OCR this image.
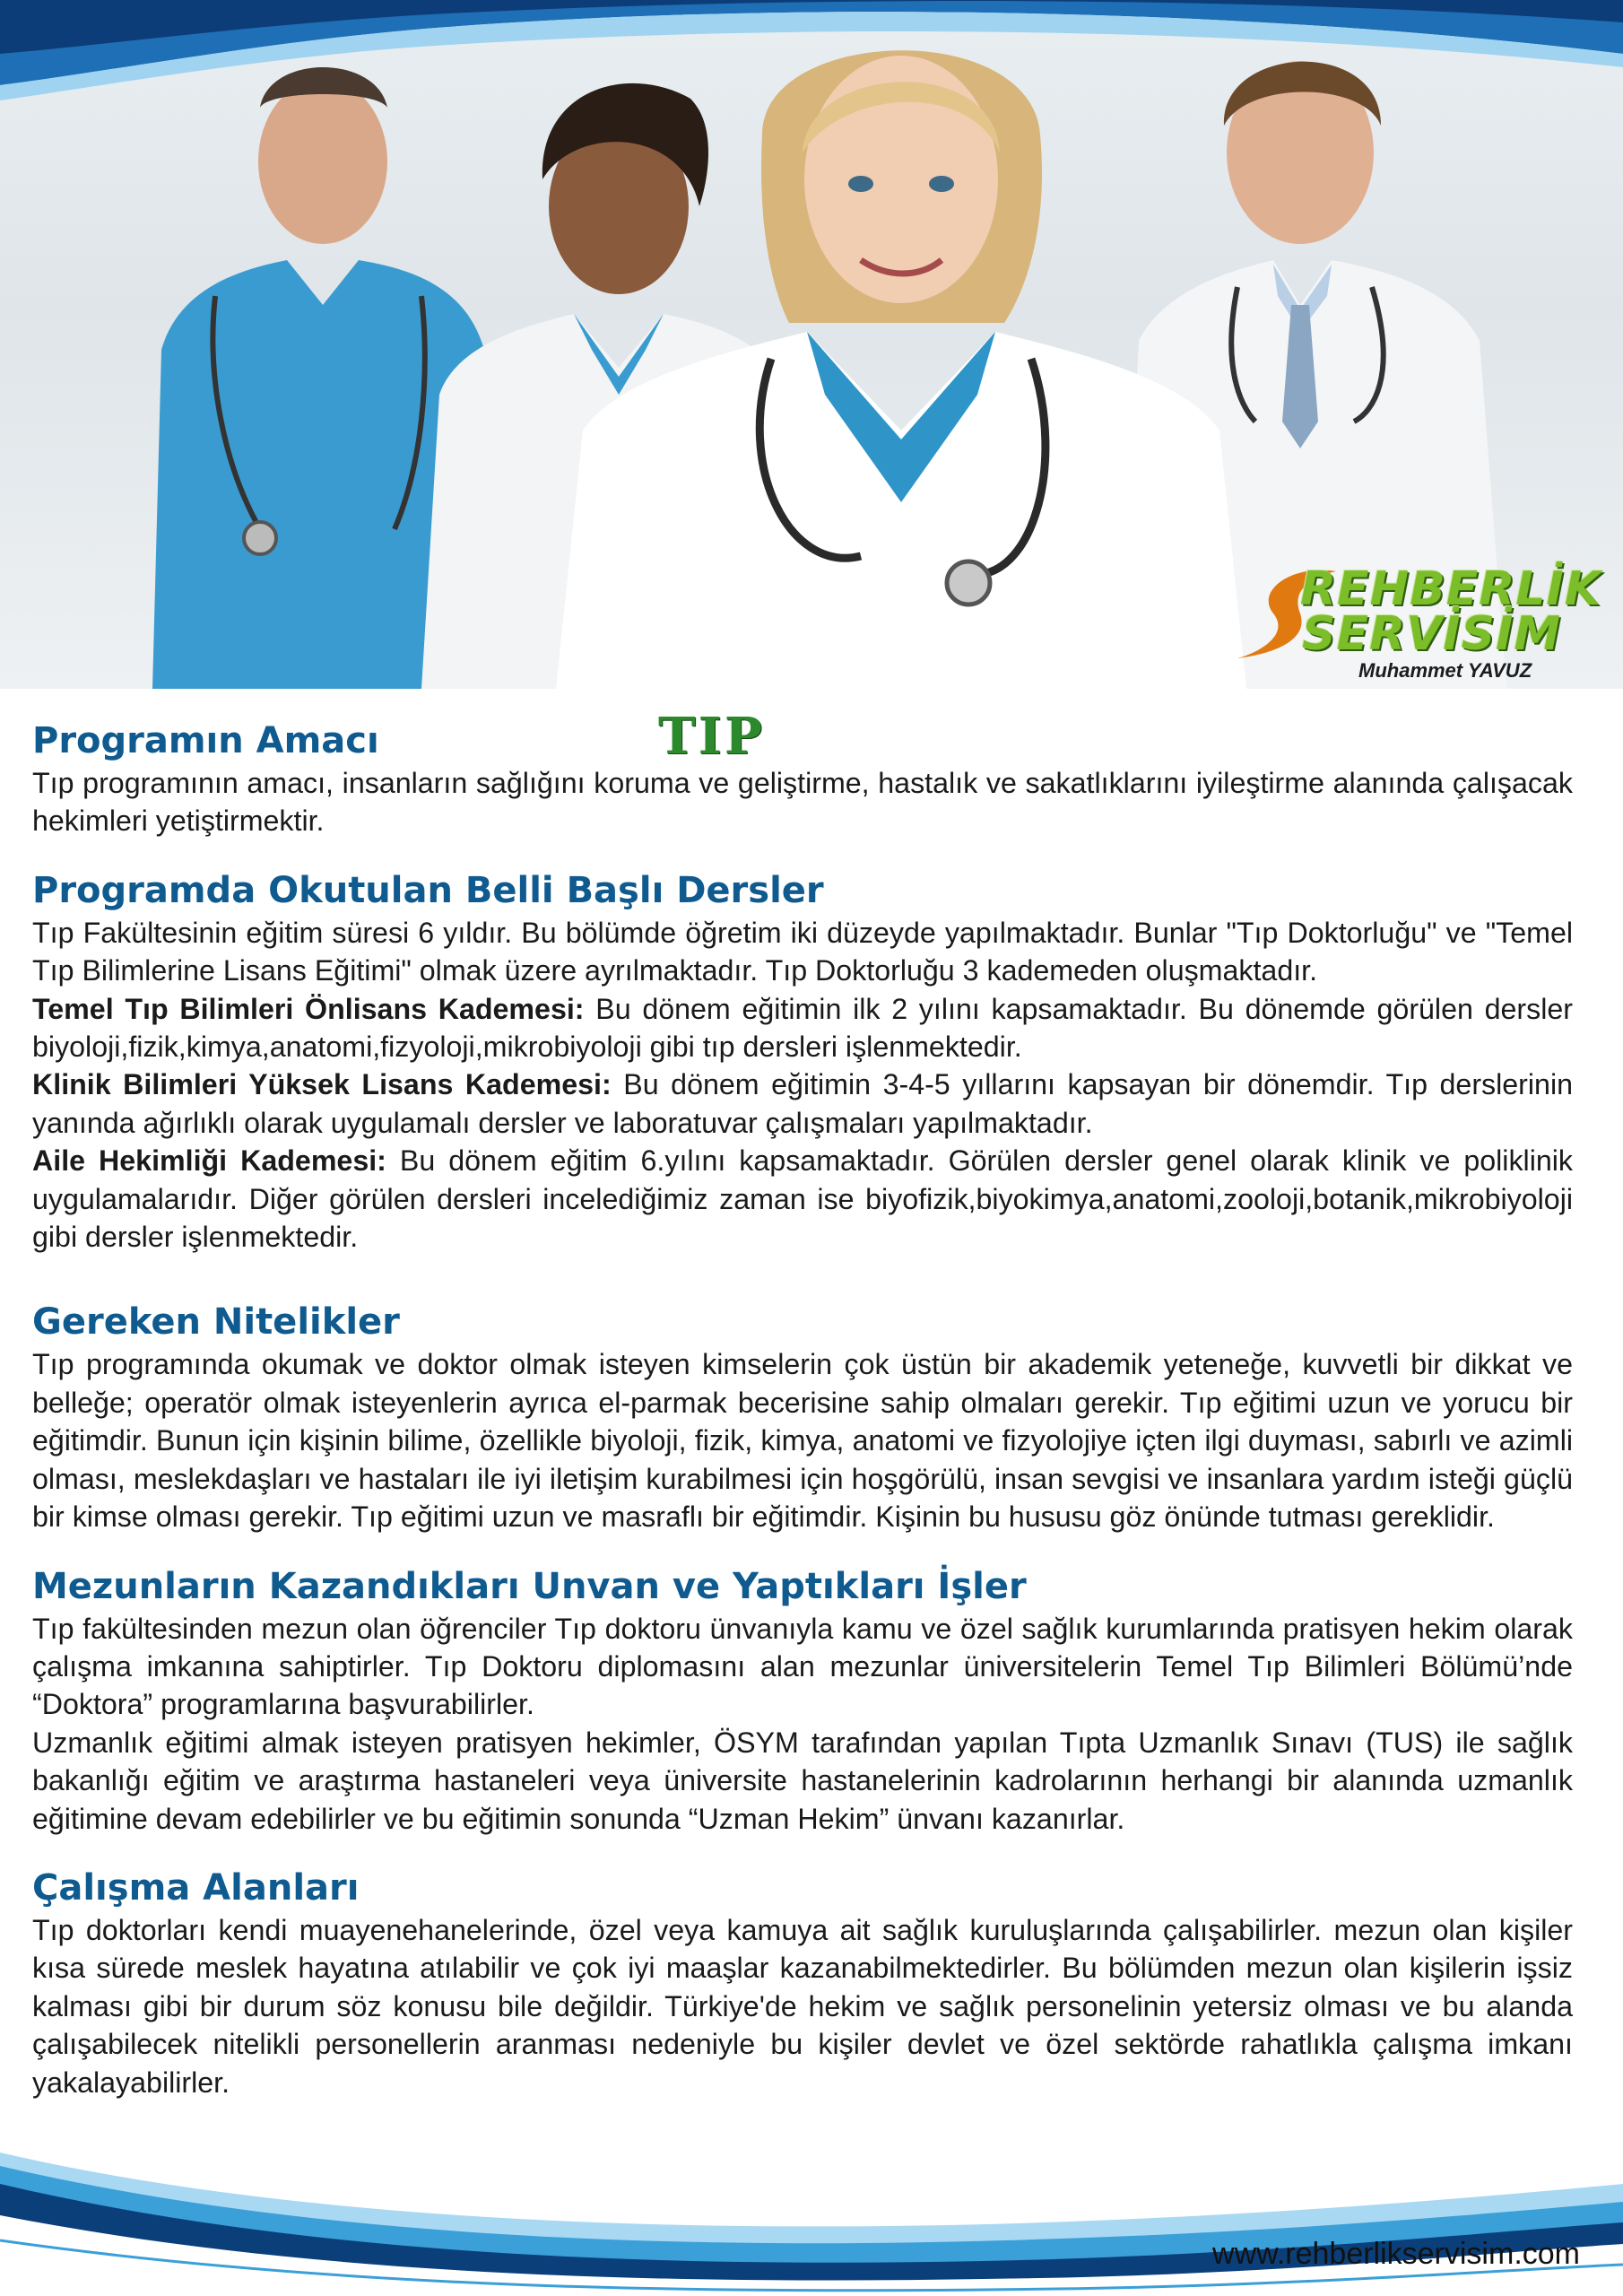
REHBERLİK
SERVİSİM
Muhammet YAVUZ
TIP
Programın Amacı

Tıp programının amacı, insanların sağlığını koruma ve geliştirme, hastalık ve sakatlıklarını iyileştirme alanında çalışacak hekimleri yetiştirmektir.

Programda Okutulan Belli Başlı Dersler

Tıp Fakültesinin eğitim süresi 6 yıldır. Bu bölümde öğretim iki düzeyde yapılmaktadır. Bunlar "Tıp Doktorluğu" ve "Temel Tıp Bilimlerine Lisans Eğitimi" olmak üzere ayrılmaktadır. Tıp Doktorluğu 3 kademeden oluşmaktadır.

Temel Tıp Bilimleri Önlisans Kademesi: Bu dönem eğitimin ilk 2 yılını kapsamaktadır. Bu dönemde görülen dersler biyoloji,fizik,kimya,anatomi,fizyoloji,mikrobiyoloji gibi tıp dersleri işlenmektedir.

Klinik Bilimleri Yüksek Lisans Kademesi: Bu dönem eğitimin 3-4-5 yıllarını kapsayan bir dönemdir. Tıp derslerinin yanında ağırlıklı olarak uygulamalı dersler ve laboratuvar çalışmaları yapılmaktadır.

Aile Hekimliği Kademesi: Bu dönem eğitim 6.yılını kapsamaktadır. Görülen dersler genel olarak klinik ve poliklinik uygulamalarıdır. Diğer görülen dersleri incelediğimiz zaman ise biyofizik,biyokimya,anatomi,zooloji,botanik,mikrobiyoloji gibi dersler işlenmektedir.

Gereken Nitelikler

Tıp programında okumak ve doktor olmak isteyen kimselerin çok üstün bir akademik yeteneğe, kuvvetli bir dikkat ve belleğe; operatör olmak isteyenlerin ayrıca el-parmak becerisine sahip olmaları gerekir. Tıp eğitimi uzun ve yorucu bir eğitimdir. Bunun için kişinin bilime, özellikle biyoloji, fizik, kimya, anatomi ve fizyolojiye içten ilgi duyması, sabırlı ve azimli olması, meslekdaşları ve hastaları ile iyi iletişim kurabilmesi için hoşgörülü, insan sevgisi ve insanlara yardım isteği güçlü bir kimse olması gerekir. Tıp eğitimi uzun ve masraflı bir eğitimdir. Kişinin bu hususu göz önünde tutması gereklidir.

Mezunların Kazandıkları Unvan ve Yaptıkları İşler

Tıp fakültesinden mezun olan öğrenciler Tıp doktoru ünvanıyla kamu ve özel sağlık kurumlarında pratisyen hekim olarak çalışma imkanına sahiptirler. Tıp Doktoru diplomasını alan mezunlar üniversitelerin Temel Tıp Bilimleri Bölümü’nde “Doktora” programlarına başvurabilirler.

Uzmanlık eğitimi almak isteyen pratisyen hekimler, ÖSYM tarafından yapılan Tıpta Uzmanlık Sınavı (TUS) ile sağlık bakanlığı eğitim ve araştırma hastaneleri veya üniversite hastanelerinin kadrolarının herhangi bir alanında uzmanlık eğitimine devam edebilirler ve bu eğitimin sonunda “Uzman Hekim” ünvanı kazanırlar.

Çalışma Alanları

Tıp doktorları kendi muayenehanelerinde, özel veya kamuya ait sağlık kuruluşlarında çalışabilirler. mezun olan kişiler kısa sürede meslek hayatına atılabilir ve çok iyi maaşlar kazanabilmektedirler. Bu bölümden mezun olan kişilerin işsiz kalması gibi bir durum söz konusu bile değildir. Türkiye'de hekim ve sağlık personelinin yetersiz olması ve bu alanda çalışabilecek nitelikli personellerin aranması nedeniyle bu kişiler devlet ve özel sektörde rahatlıkla çalışma imkanı yakalayabilirler.

www.rehberlikservisim.com
